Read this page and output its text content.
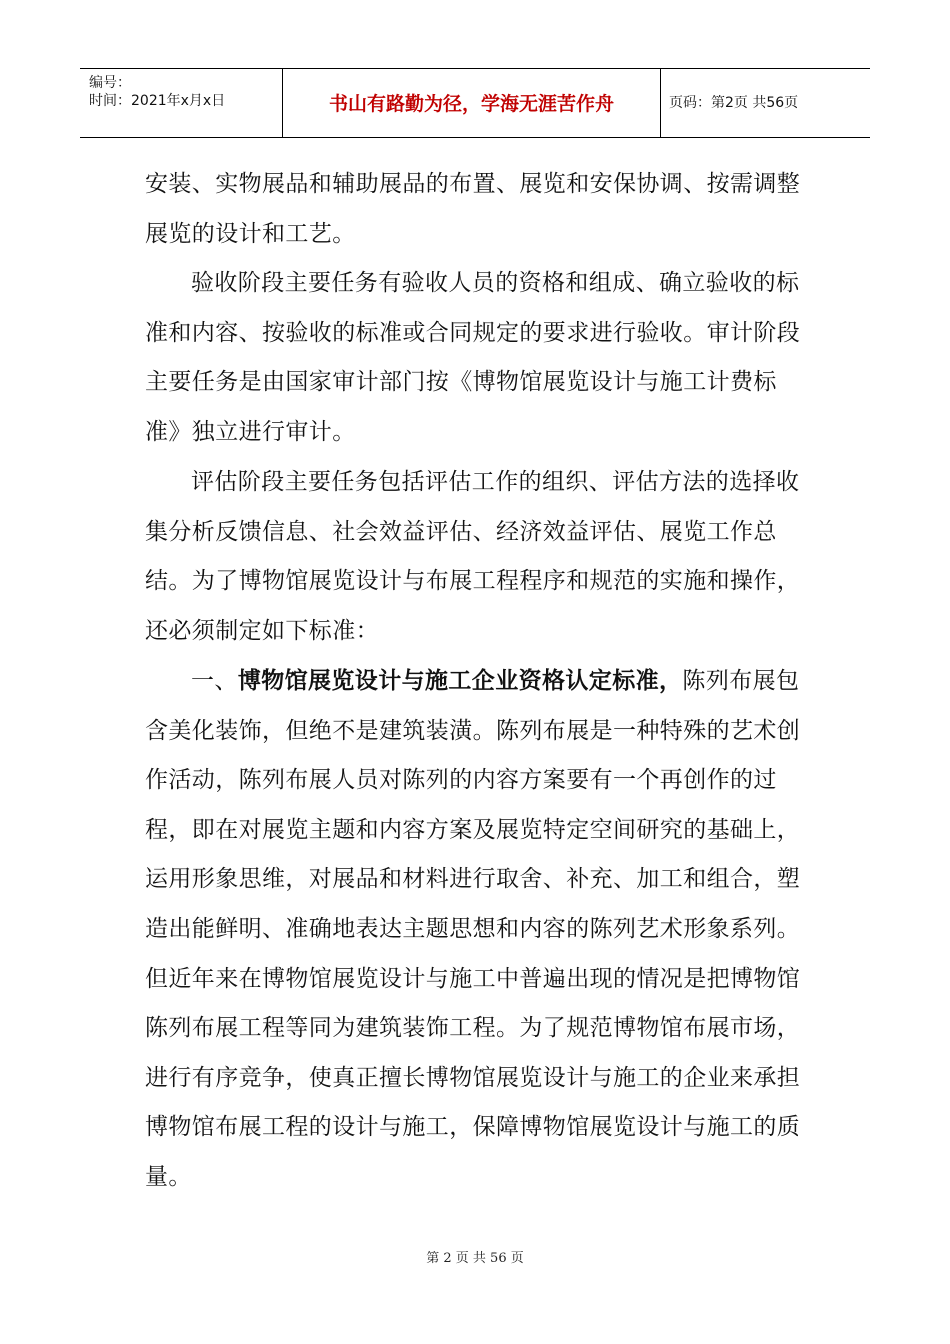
编号：
时间：2021年x月x日	书山有路勤为径，学海无涯苦作舟	页码：第2页 共56页

安装、实物展品和辅助展品的布置、展览和安保协调、按需调整展览的设计和工艺。

验收阶段主要任务有验收人员的资格和组成、确立验收的标准和内容、按验收的标准或合同规定的要求进行验收。审计阶段主要任务是由国家审计部门按《博物馆展览设计与施工计费标准》独立进行审计。

评估阶段主要任务包括评估工作的组织、评估方法的选择收集分析反馈信息、社会效益评估、经济效益评估、展览工作总结。为了博物馆展览设计与布展工程程序和规范的实施和操作，还必须制定如下标准：

一、博物馆展览设计与施工企业资格认定标准，陈列布展包含美化装饰，但绝不是建筑装潢。陈列布展是一种特殊的艺术创作活动，陈列布展人员对陈列的内容方案要有一个再创作的过程，即在对展览主题和内容方案及展览特定空间研究的基础上，运用形象思维，对展品和材料进行取舍、补充、加工和组合，塑造出能鲜明、准确地表达主题思想和内容的陈列艺术形象系列。但近年来在博物馆展览设计与施工中普遍出现的情况是把博物馆陈列布展工程等同为建筑装饰工程。为了规范博物馆布展市场，进行有序竞争，使真正擅长博物馆展览设计与施工的企业来承担博物馆布展工程的设计与施工，保障博物馆展览设计与施工的质量。

第 2 页 共 56 页
